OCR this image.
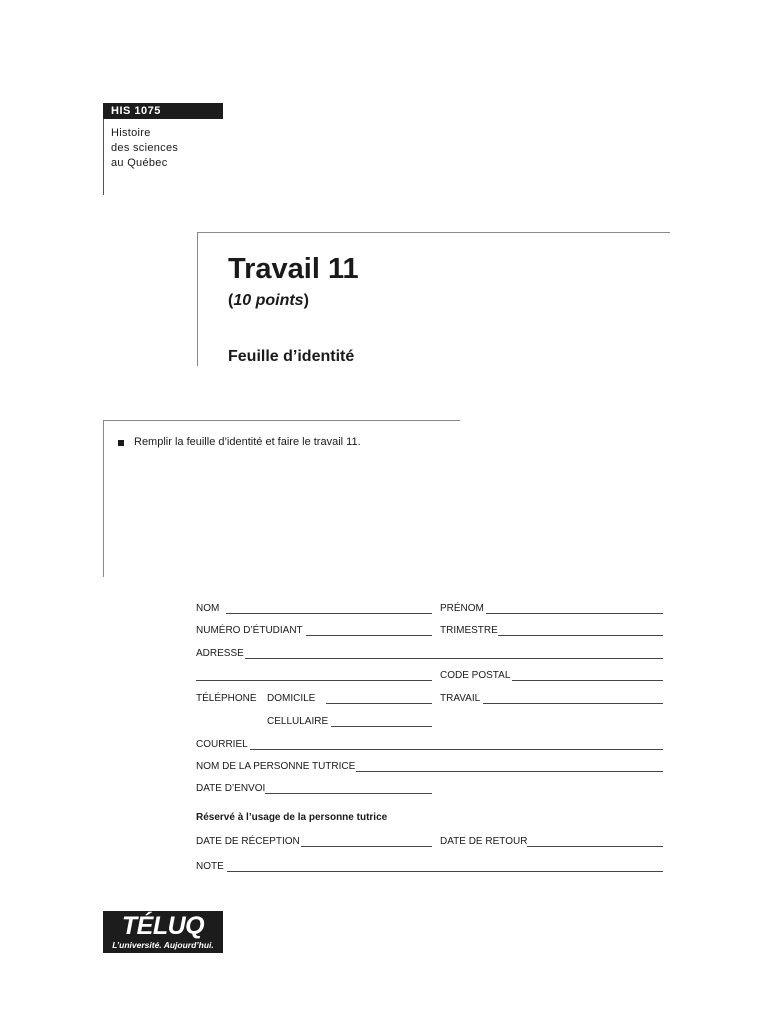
HIS 1075
Histoire
des sciences
au Québec
Travail 11
(10 points)
Feuille d’identité
Remplir la feuille d’identité et faire le travail 11.
NOM	PRÉNOM
NUMÉRO D’ÉTUDIANT	TRIMESTRE
ADRESSE
CODE POSTAL
TÉLÉPHONE DOMICILE	TRAVAIL
CELLULAIRE
COURRIEL
NOM DE LA PERSONNE TUTRICE
DATE D’ENVOI
Réservé à l’usage de la personne tutrice
DATE DE RÉCEPTION	DATE DE RETOUR
NOTE
TÉLUQ
L’université. Aujourd’hui.
